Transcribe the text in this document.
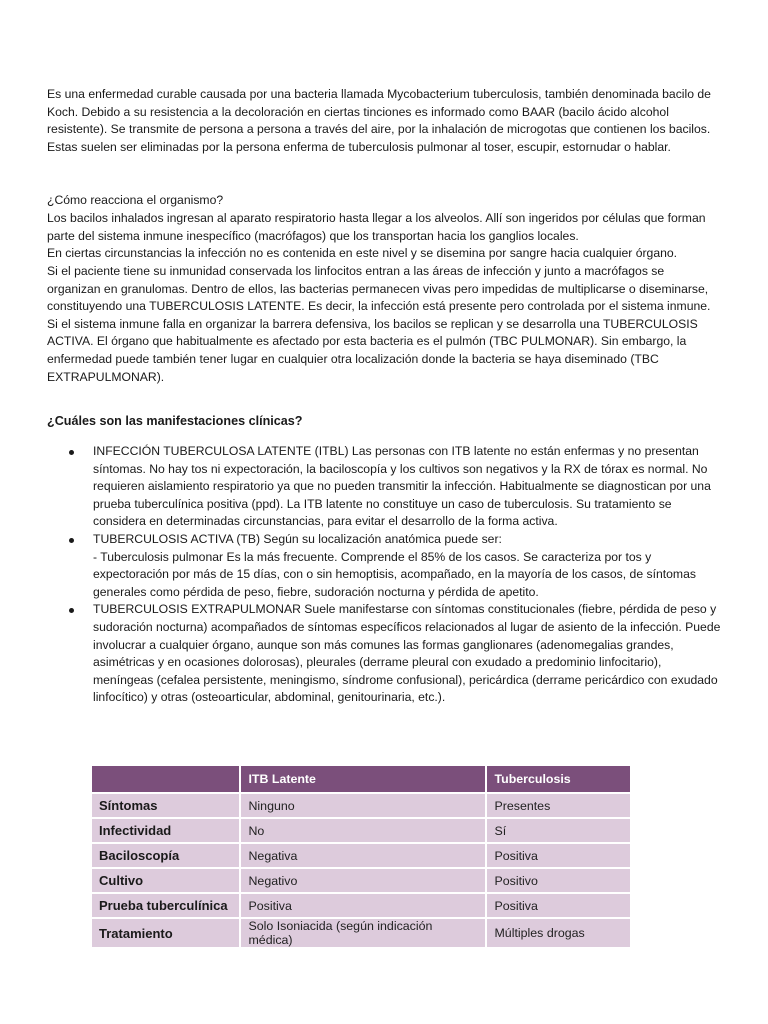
Es una enfermedad curable causada por una bacteria llamada Mycobacterium tuberculosis, también denominada bacilo de Koch. Debido a su resistencia a la decoloración en ciertas tinciones es informado como BAAR (bacilo ácido alcohol resistente). Se transmite de persona a persona a través del aire, por la inhalación de microgotas que contienen los bacilos. Estas suelen ser eliminadas por la persona enferma de tuberculosis pulmonar al toser, escupir, estornudar o hablar.

¿Cómo reacciona el organismo?

Los bacilos inhalados ingresan al aparato respiratorio hasta llegar a los alveolos. Allí son ingeridos por células que forman parte del sistema inmune inespecífico (macrófagos) que los transportan hacia los ganglios locales.

En ciertas circunstancias la infección no es contenida en este nivel y se disemina por sangre hacia cualquier órgano.

Si el paciente tiene su inmunidad conservada los linfocitos entran a las áreas de infección y junto a macrófagos se organizan en granulomas. Dentro de ellos, las bacterias permanecen vivas pero impedidas de multiplicarse o diseminarse, constituyendo una TUBERCULOSIS LATENTE. Es decir, la infección está presente pero controlada por el sistema inmune. Si el sistema inmune falla en organizar la barrera defensiva, los bacilos se replican y se desarrolla una TUBERCULOSIS ACTIVA. El órgano que habitualmente es afectado por esta bacteria es el pulmón (TBC PULMONAR). Sin embargo, la enfermedad puede también tener lugar en cualquier otra localización donde la bacteria se haya diseminado (TBC EXTRAPULMONAR).

¿Cuáles son las manifestaciones clínicas?
INFECCIÓN TUBERCULOSA LATENTE (ITBL) Las personas con ITB latente no están enfermas y no presentan síntomas. No hay tos ni expectoración, la baciloscopía y los cultivos son negativos y la RX de tórax es normal. No requieren aislamiento respiratorio ya que no pueden transmitir la infección. Habitualmente se diagnostican por una prueba tuberculínica positiva (ppd). La ITB latente no constituye un caso de tuberculosis. Su tratamiento se considera en determinadas circunstancias, para evitar el desarrollo de la forma activa.
TUBERCULOSIS ACTIVA (TB) Según su localización anatómica puede ser:
- Tuberculosis pulmonar Es la más frecuente. Comprende el 85% de los casos. Se caracteriza por tos y expectoración por más de 15 días, con o sin hemoptisis, acompañado, en la mayoría de los casos, de síntomas generales como pérdida de peso, fiebre, sudoración nocturna y pérdida de apetito.
TUBERCULOSIS EXTRAPULMONAR Suele manifestarse con síntomas constitucionales (fiebre, pérdida de peso y sudoración nocturna) acompañados de síntomas específicos relacionados al lugar de asiento de la infección. Puede involucrar a cualquier órgano, aunque son más comunes las formas ganglionares (adenomegalias grandes, asimétricas y en ocasiones dolorosas), pleurales (derrame pleural con exudado a predominio linfocitario), meníngeas (cefalea persistente, meningismo, síndrome confusional), pericárdica (derrame pericárdico con exudado linfocítico) y otras (osteoarticular, abdominal, genitourinaria, etc.).
	ITB Latente	Tuberculosis
Síntomas	Ninguno	Presentes
Infectividad	No	Sí
Baciloscopía	Negativa	Positiva
Cultivo	Negativo	Positivo
Prueba tuberculínica	Positiva	Positiva
Tratamiento	Solo Isoniacida (según indicación médica)	Múltiples drogas
